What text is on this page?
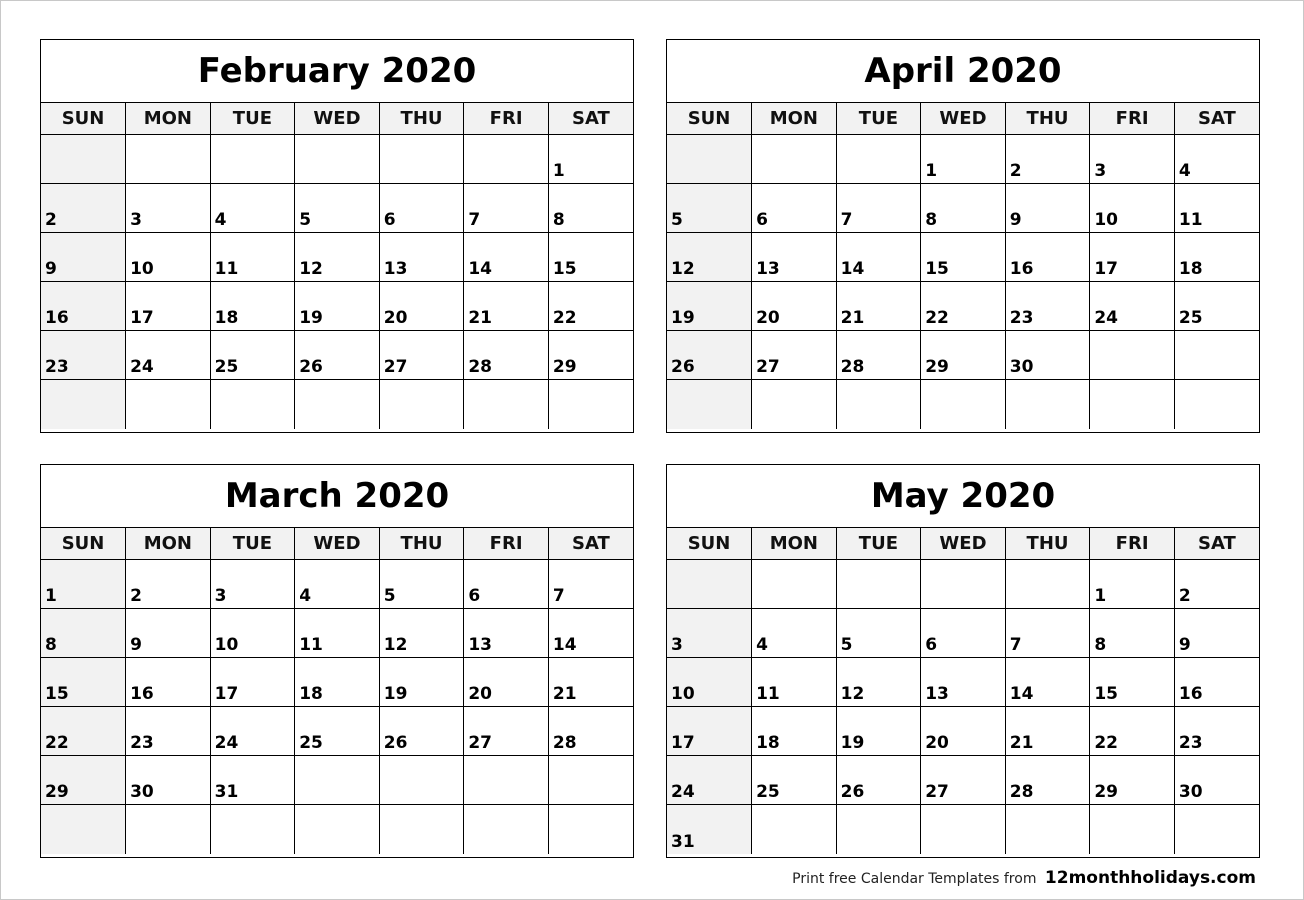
February 2020
SUN	MON	TUE	WED	THU	FRI	SAT
						1
2	3	4	5	6	7	8
9	10	11	12	13	14	15
16	17	18	19	20	21	22
23	24	25	26	27	28	29

April 2020
SUN	MON	TUE	WED	THU	FRI	SAT
			1	2	3	4
5	6	7	8	9	10	11
12	13	14	15	16	17	18
19	20	21	22	23	24	25
26	27	28	29	30		

March 2020
SUN	MON	TUE	WED	THU	FRI	SAT
1	2	3	4	5	6	7
8	9	10	11	12	13	14
15	16	17	18	19	20	21
22	23	24	25	26	27	28
29	30	31				

May 2020
SUN	MON	TUE	WED	THU	FRI	SAT
					1	2
3	4	5	6	7	8	9
10	11	12	13	14	15	16
17	18	19	20	21	22	23
24	25	26	27	28	29	30
31						
Print free Calendar Templates from 12monthholidays.com
